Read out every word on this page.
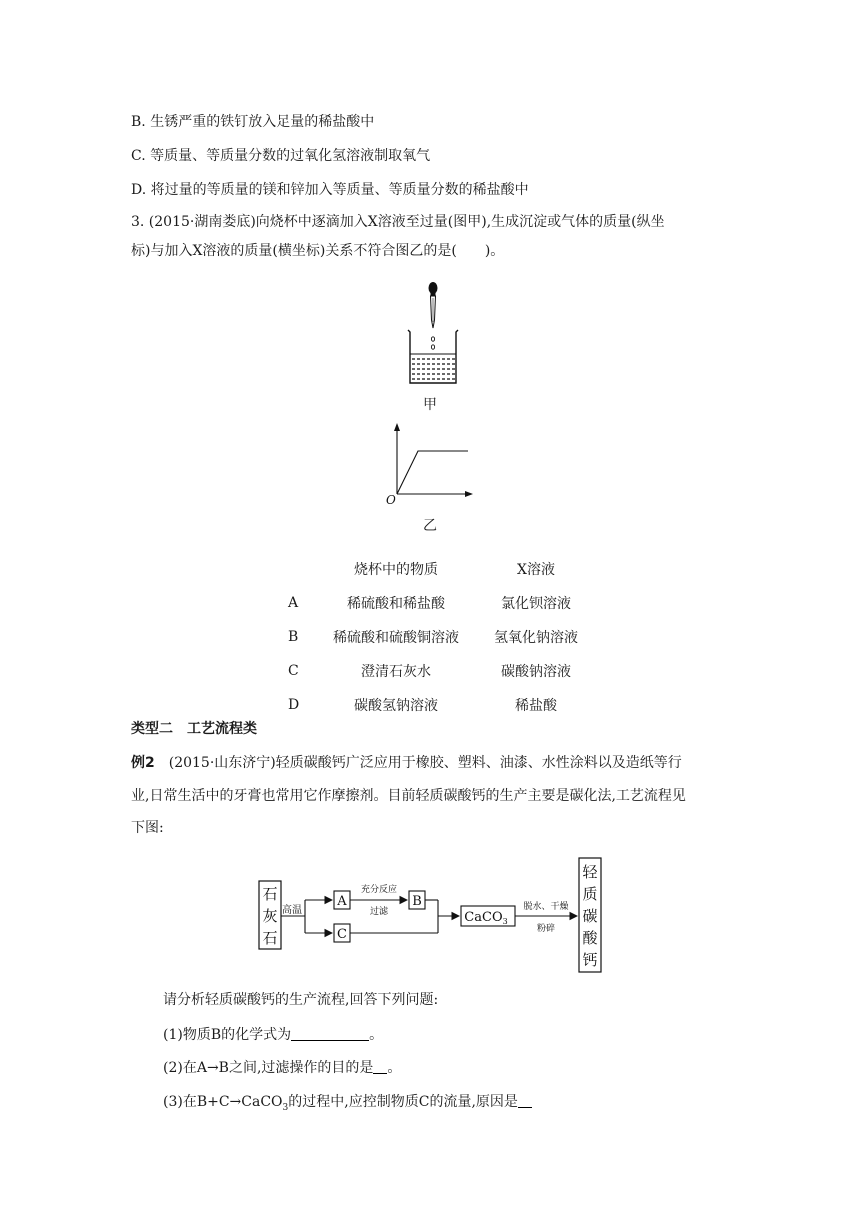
B. 生锈严重的铁钉放入足量的稀盐酸中
C. 等质量、等质量分数的过氧化氢溶液制取氧气
D. 将过量的等质量的镁和锌加入等质量、等质量分数的稀盐酸中
3. (2015·湖南娄底)向烧杯中逐滴加入X溶液至过量(图甲),生成沉淀或气体的质量(纵坐
标)与加入X溶液的质量(横坐标)关系不符合图乙的是(　　)。
甲
O
乙
	烧杯中的物质	X溶液
A	稀硫酸和稀盐酸	氯化钡溶液
B	稀硫酸和硫酸铜溶液	氢氧化钠溶液
C	澄清石灰水	碳酸钠溶液
D	碳酸氢钠溶液	稀盐酸
类型二　工艺流程类
例2　(2015·山东济宁)轻质碳酸钙广泛应用于橡胶、塑料、油漆、水性涂料以及造纸等行
业,日常生活中的牙膏也常用它作摩擦剂。目前轻质碳酸钙的生产主要是碳化法,工艺流程见
下图:
石
灰
石
高温
A
C
充分反应
过滤
B
CaCO$_3$
脱水、干燥
粉碎
轻
质
碳
酸
钙
请分析轻质碳酸钙的生产流程,回答下列问题:
(1)物质B的化学式为	。
(2)在A→B之间,过滤操作的目的是 。
(3)在B+C→CaCO$_3$的过程中,应控制物质C的流量,原因是
